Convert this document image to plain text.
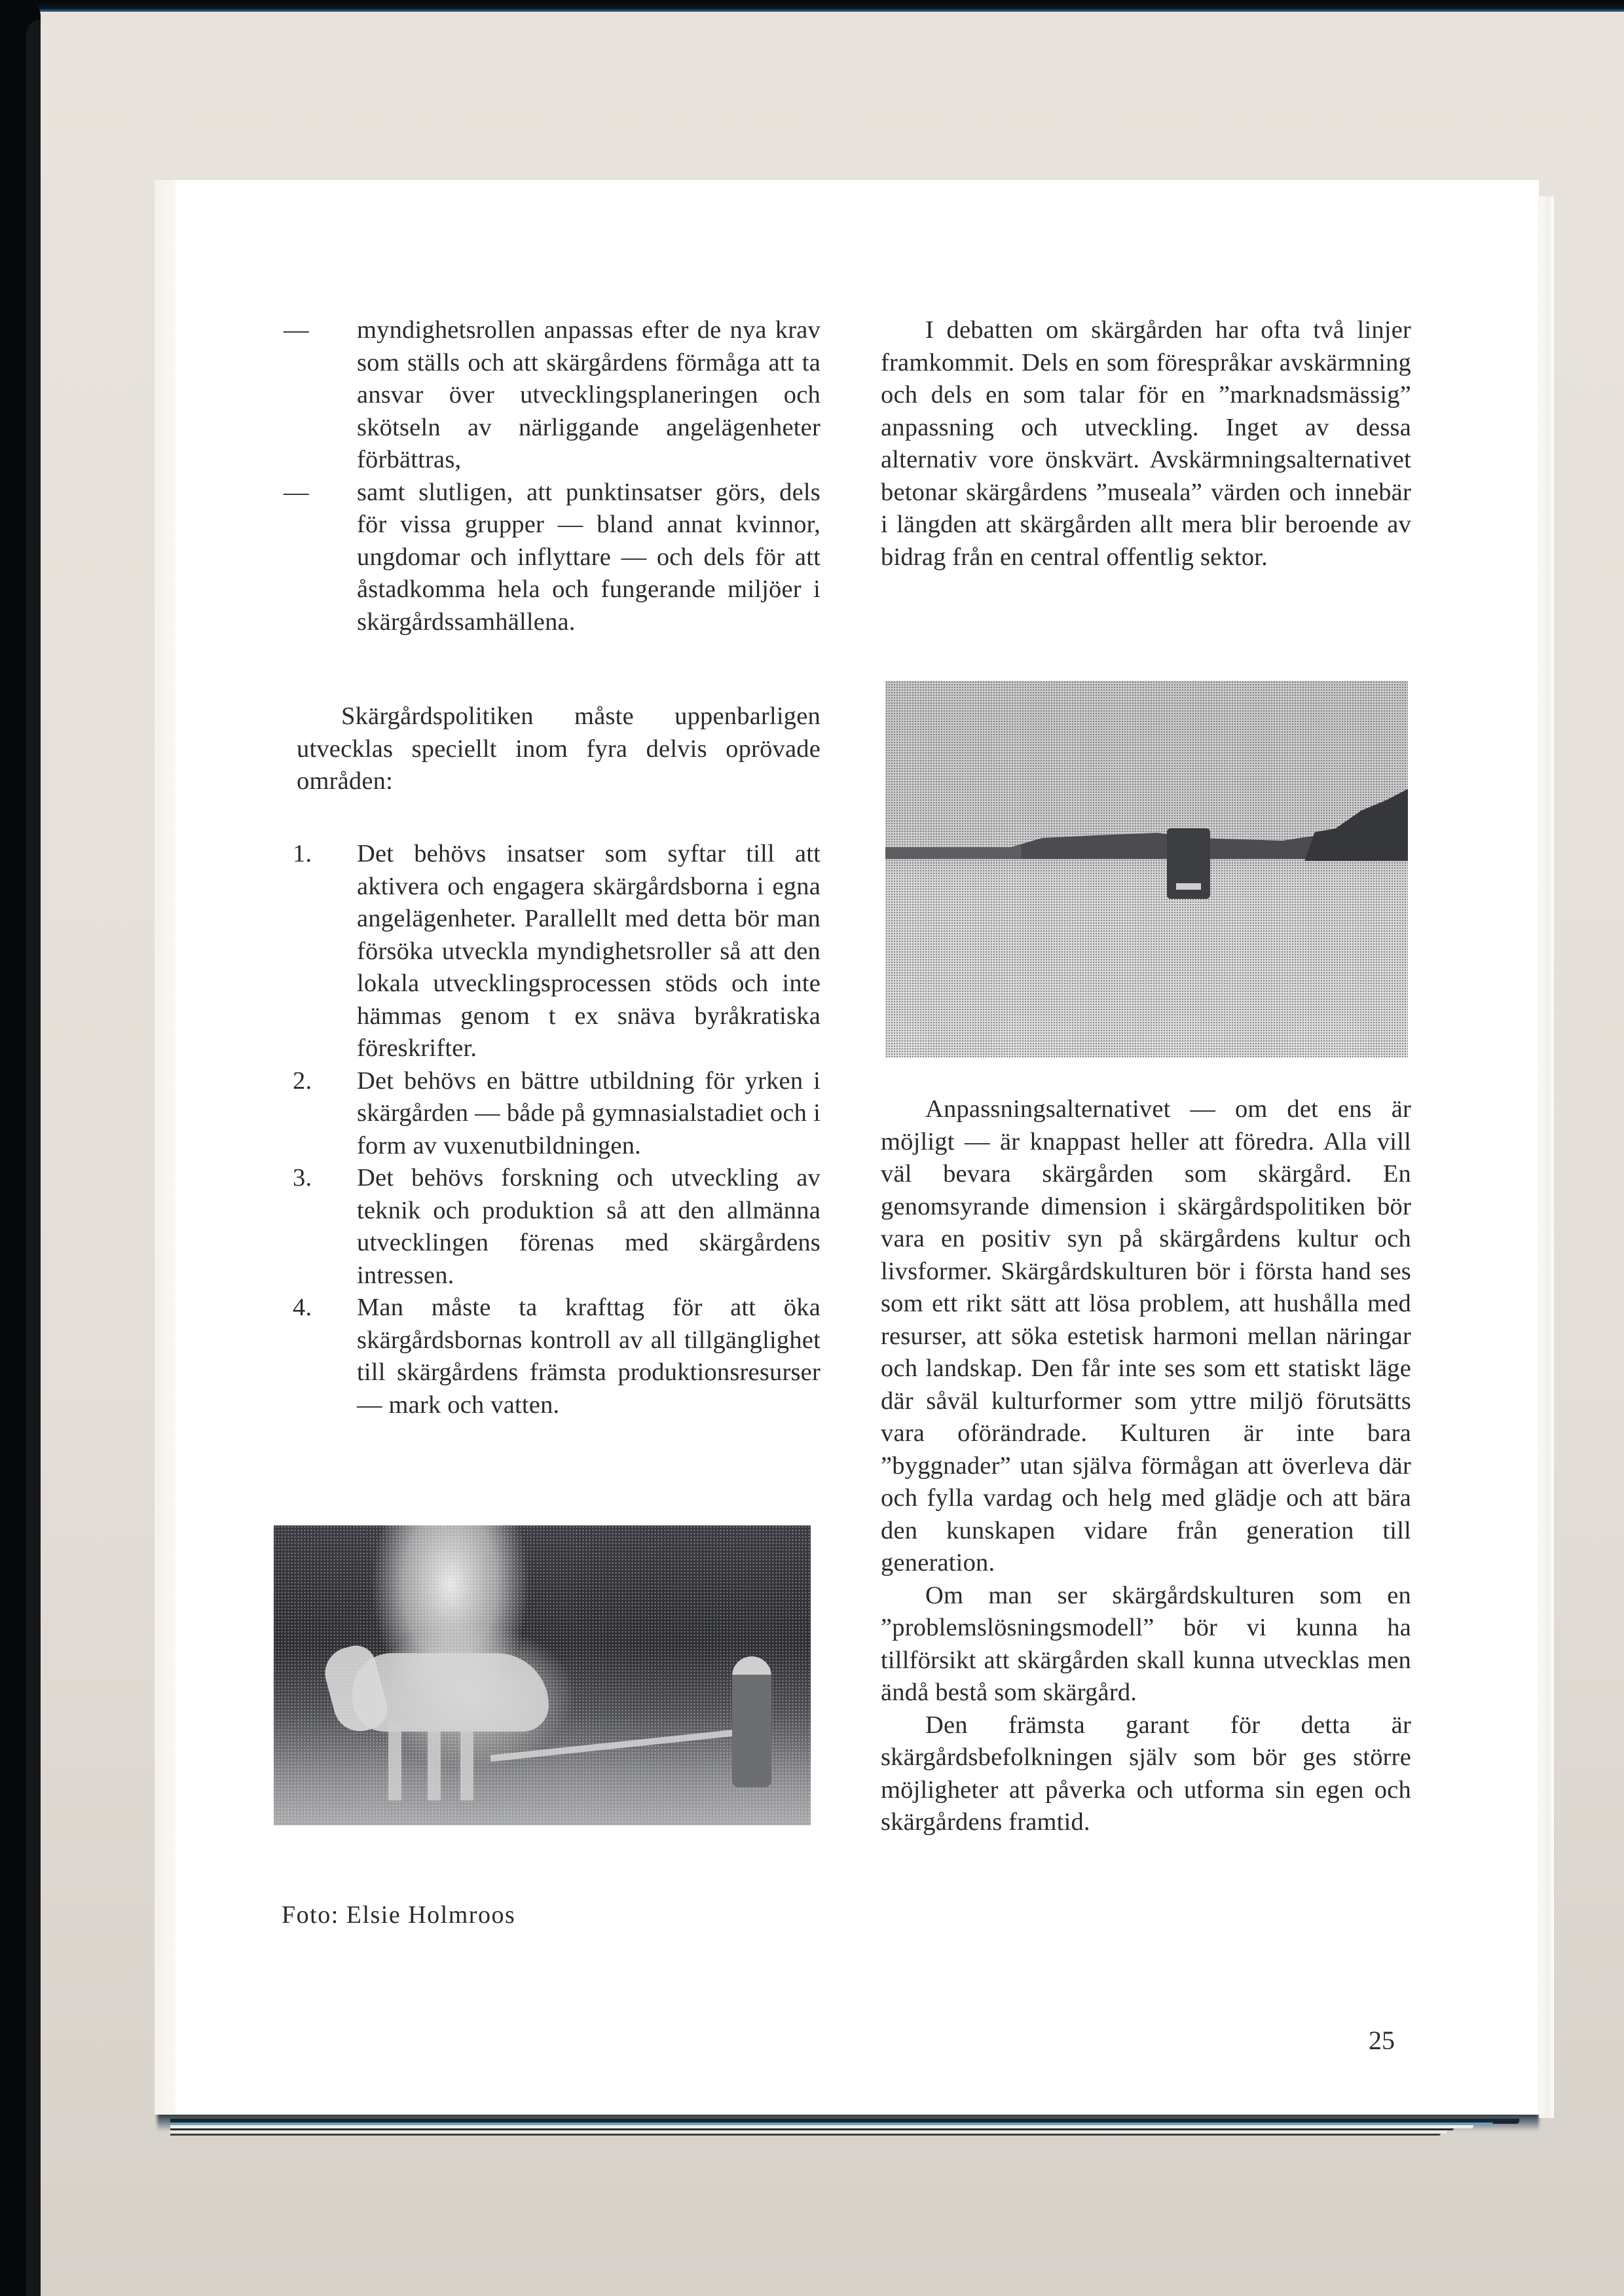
—	myndighetsrollen anpassas efter de nya krav som ställs och att skärgårdens förmåga att ta ansvar över utvecklingsplaneringen och skötseln av närliggande angelägenheter förbättras,

—	samt slutligen, att punktinsatser görs, dels för vissa grupper — bland annat kvinnor, ungdomar och inflyttare — och dels för att åstadkomma hela och fungerande miljöer i skärgårdssamhällena.

Skärgårdspolitiken måste uppenbarligen utvecklas speciellt inom fyra delvis oprövade områden:

1.	Det behövs insatser som syftar till att aktivera och engagera skärgårdsborna i egna angelägenheter. Parallellt med detta bör man försöka utveckla myndighetsroller så att den lokala utvecklingsprocessen stöds och inte hämmas genom t ex snäva byråkratiska föreskrifter.

2.	Det behövs en bättre utbildning för yrken i skärgården — både på gymnasialstadiet och i form av vuxenutbildningen.

3.	Det behövs forskning och utveckling av teknik och produktion så att den allmänna utvecklingen förenas med skärgårdens intressen.

4.	Man måste ta krafttag för att öka skärgårdsbornas kontroll av all tillgänglighet till skärgårdens främsta produktionsresurser — mark och vatten.

Foto: Elsie Holmroos

I debatten om skärgården har ofta två linjer framkommit. Dels en som förespråkar avskärmning och dels en som talar för en ”marknadsmässig” anpassning och utveckling. Inget av dessa alternativ vore önskvärt. Avskärmningsalternativet betonar skärgårdens ”museala” värden och innebär i längden att skärgården allt mera blir beroende av bidrag från en central offentlig sektor.

Anpassningsalternativet — om det ens är möjligt — är knappast heller att föredra. Alla vill väl bevara skärgården som skärgård. En genomsyrande dimension i skärgårdspolitiken bör vara en positiv syn på skärgårdens kultur och livsformer. Skärgårdskulturen bör i första hand ses som ett rikt sätt att lösa problem, att hushålla med resurser, att söka estetisk harmoni mellan näringar och landskap. Den får inte ses som ett statiskt läge där såväl kulturformer som yttre miljö förutsätts vara oförändrade. Kulturen är inte bara ”byggnader” utan själva förmågan att överleva där och fylla vardag och helg med glädje och att bära den kunskapen vidare från generation till generation.

Om man ser skärgårdskulturen som en ”problemslösningsmodell” bör vi kunna ha tillförsikt att skärgården skall kunna utvecklas men ändå bestå som skärgård.

Den främsta garant för detta är skärgårdsbefolkningen själv som bör ges större möjligheter att påverka och utforma sin egen och skärgårdens framtid.

25
